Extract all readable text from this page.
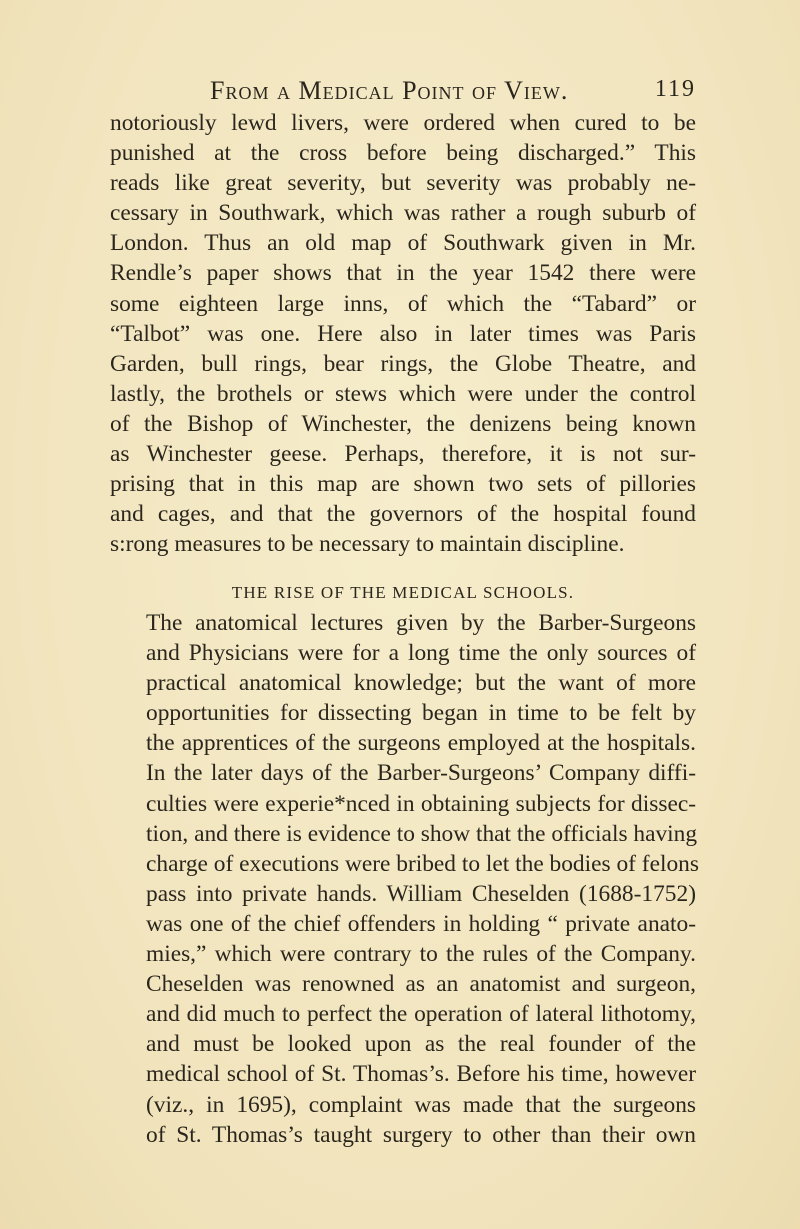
From a Medical Point of View.	119
notoriously lewd livers, were ordered when cured to be
punished at the cross before being discharged.” This
reads like great severity, but severity was probably ne-
cessary in Southwark, which was rather a rough suburb of
London. Thus an old map of Southwark given in Mr.
Rendle’s paper shows that in the year 1542 there were
some eighteen large inns, of which the “Tabard” or
“Talbot” was one. Here also in later times was Paris
Garden, bull rings, bear rings, the Globe Theatre, and
lastly, the brothels or stews which were under the control
of the Bishop of Winchester, the denizens being known
as Winchester geese. Perhaps, therefore, it is not sur-
prising that in this map are shown two sets of pillories
and cages, and that the governors of the hospital found
s:rong measures to be necessary to maintain discipline.
THE RISE OF THE MEDICAL SCHOOLS.
The anatomical lectures given by the Barber-Surgeons
and Physicians were for a long time the only sources of
practical anatomical knowledge; but the want of more
opportunities for dissecting began in time to be felt by
the apprentices of the surgeons employed at the hospitals.
In the later days of the Barber-Surgeons’ Company diffi-
culties were experie*nced in obtaining subjects for dissec-
tion, and there is evidence to show that the officials having
charge of executions were bribed to let the bodies of felons
pass into private hands. William Cheselden (1688-1752)
was one of the chief offenders in holding “ private anato-
mies,” which were contrary to the rules of the Company.
Cheselden was renowned as an anatomist and surgeon,
and did much to perfect the operation of lateral lithotomy,
and must be looked upon as the real founder of the
medical school of St. Thomas’s. Before his time, however
(viz., in 1695), complaint was made that the surgeons
of St. Thomas’s taught surgery to other than their own
